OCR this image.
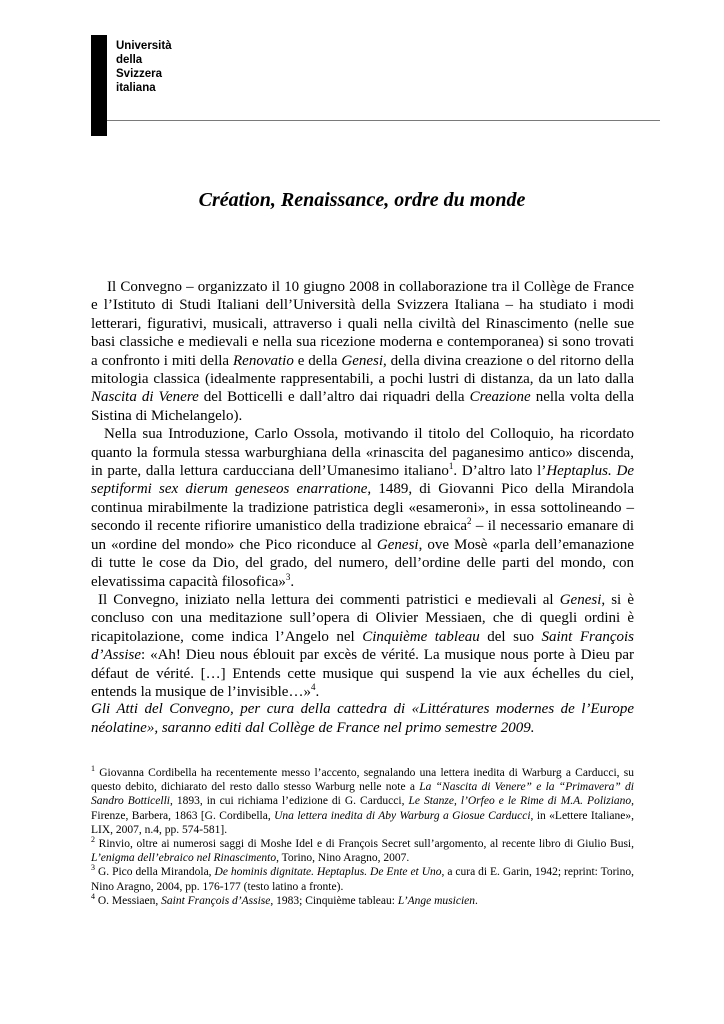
Università
della
Svizzera
italiana
Création, Renaissance, ordre du monde

Il Convegno – organizzato il 10 giugno 2008 in collaborazione tra il Collège de France e l’Istituto di Studi Italiani dell’Università della Svizzera Italiana – ha studiato i modi letterari, figurativi, musicali, attraverso i quali nella civiltà del Rinascimento (nelle sue basi classiche e medievali e nella sua ricezione moderna e contemporanea) si sono trovati a confronto i miti della Renovatio e della Genesi, della divina creazione o del ritorno della mitologia classica (idealmente rappresentabili, a pochi lustri di distanza, da un lato dalla Nascita di Venere del Botticelli e dall’altro dai riquadri della Creazione nella volta della Sistina di Michelangelo).

Nella sua Introduzione, Carlo Ossola, motivando il titolo del Colloquio, ha ricordato quanto la formula stessa warburghiana della «rinascita del paganesimo antico» discenda, in parte, dalla lettura carducciana dell’Umanesimo italiano$^1$. D’altro lato l’Heptaplus. De septiformi sex dierum geneseos enarratione, 1489, di Giovanni Pico della Mirandola continua mirabilmente la tradizione patristica degli «esameroni», in essa sottolineando – secondo il recente rifiorire umanistico della tradizione ebraica$^2$ – il necessario emanare di un «ordine del mondo» che Pico riconduce al Genesi, ove Mosè «parla dell’emanazione di tutte le cose da Dio, del grado, del numero, dell’ordine delle parti del mondo, con elevatissima capacità filosofica»$^3$.

Il Convegno, iniziato nella lettura dei commenti patristici e medievali al Genesi, si è concluso con una meditazione sull’opera di Olivier Messiaen, che di quegli ordini è ricapitolazione, come indica l’Angelo nel Cinquième tableau del suo Saint François d’Assise: «Ah! Dieu nous éblouit par excès de vérité. La musique nous porte à Dieu par défaut de vérité. […] Entends cette musique qui suspend la vie aux échelles du ciel, entends la musique de l’invisible…»$^4$.

Gli Atti del Convegno, per cura della cattedra di «Littératures modernes de l’Europe néolatine», saranno editi dal Collège de France nel primo semestre 2009.

$^1$ Giovanna Cordibella ha recentemente messo l’accento, segnalando una lettera inedita di Warburg a Carducci, su questo debito, dichiarato del resto dallo stesso Warburg nelle note a La “Nascita di Venere” e la “Primavera” di Sandro Botticelli, 1893, in cui richiama l’edizione di G. Carducci, Le Stanze, l’Orfeo e le Rime di M.A. Poliziano, Firenze, Barbera, 1863 [G. Cordibella, Una lettera inedita di Aby Warburg a Giosue Carducci, in «Lettere Italiane», LIX, 2007, n.4, pp. 574-581].

$^2$ Rinvio, oltre ai numerosi saggi di Moshe Idel e di François Secret sull’argomento, al recente libro di Giulio Busi, L’enigma dell’ebraico nel Rinascimento, Torino, Nino Aragno, 2007.

$^3$ G. Pico della Mirandola, De hominis dignitate. Heptaplus. De Ente et Uno, a cura di E. Garin, 1942; reprint: Torino, Nino Aragno, 2004, pp. 176-177 (testo latino a fronte).

$^4$ O. Messiaen, Saint François d’Assise, 1983; Cinquième tableau: L’Ange musicien.
